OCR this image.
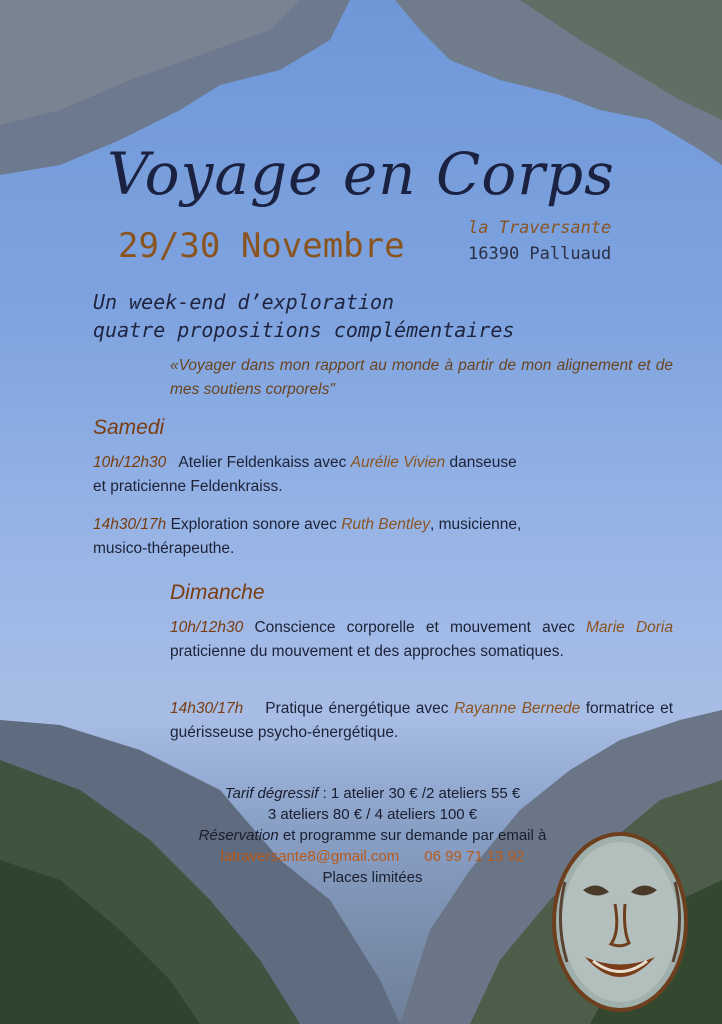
Voyage en Corps
29/30 Novembre	la Traversante
16390 Palluaud
Un week-end d’exploration
quatre propositions complémentaires
«Voyager dans mon rapport au monde à partir de mon alignement et de mes soutiens corporels"
Samedi
10h/12h30 Atelier Feldenkaiss avec Aurélie Vivien danseuse
et praticienne Feldenkraiss.
14h30/17h Exploration sonore avec Ruth Bentley, musicienne,
musico-thérapeuthe.
Dimanche
10h/12h30 Conscience corporelle et mouvement avec Marie Doria praticienne du mouvement et des approches somatiques.
14h30/17h Pratique énergétique avec Rayanne Bernede formatrice et guérisseuse psycho-énergétique.
Tarif dégressif : 1 atelier 30 € /2 ateliers 55 €
3 ateliers 80 € / 4 ateliers 100 €
Réservation et programme sur demande par email à
latraversante8@gmail.com 06 99 71 13 92
Places limitées
